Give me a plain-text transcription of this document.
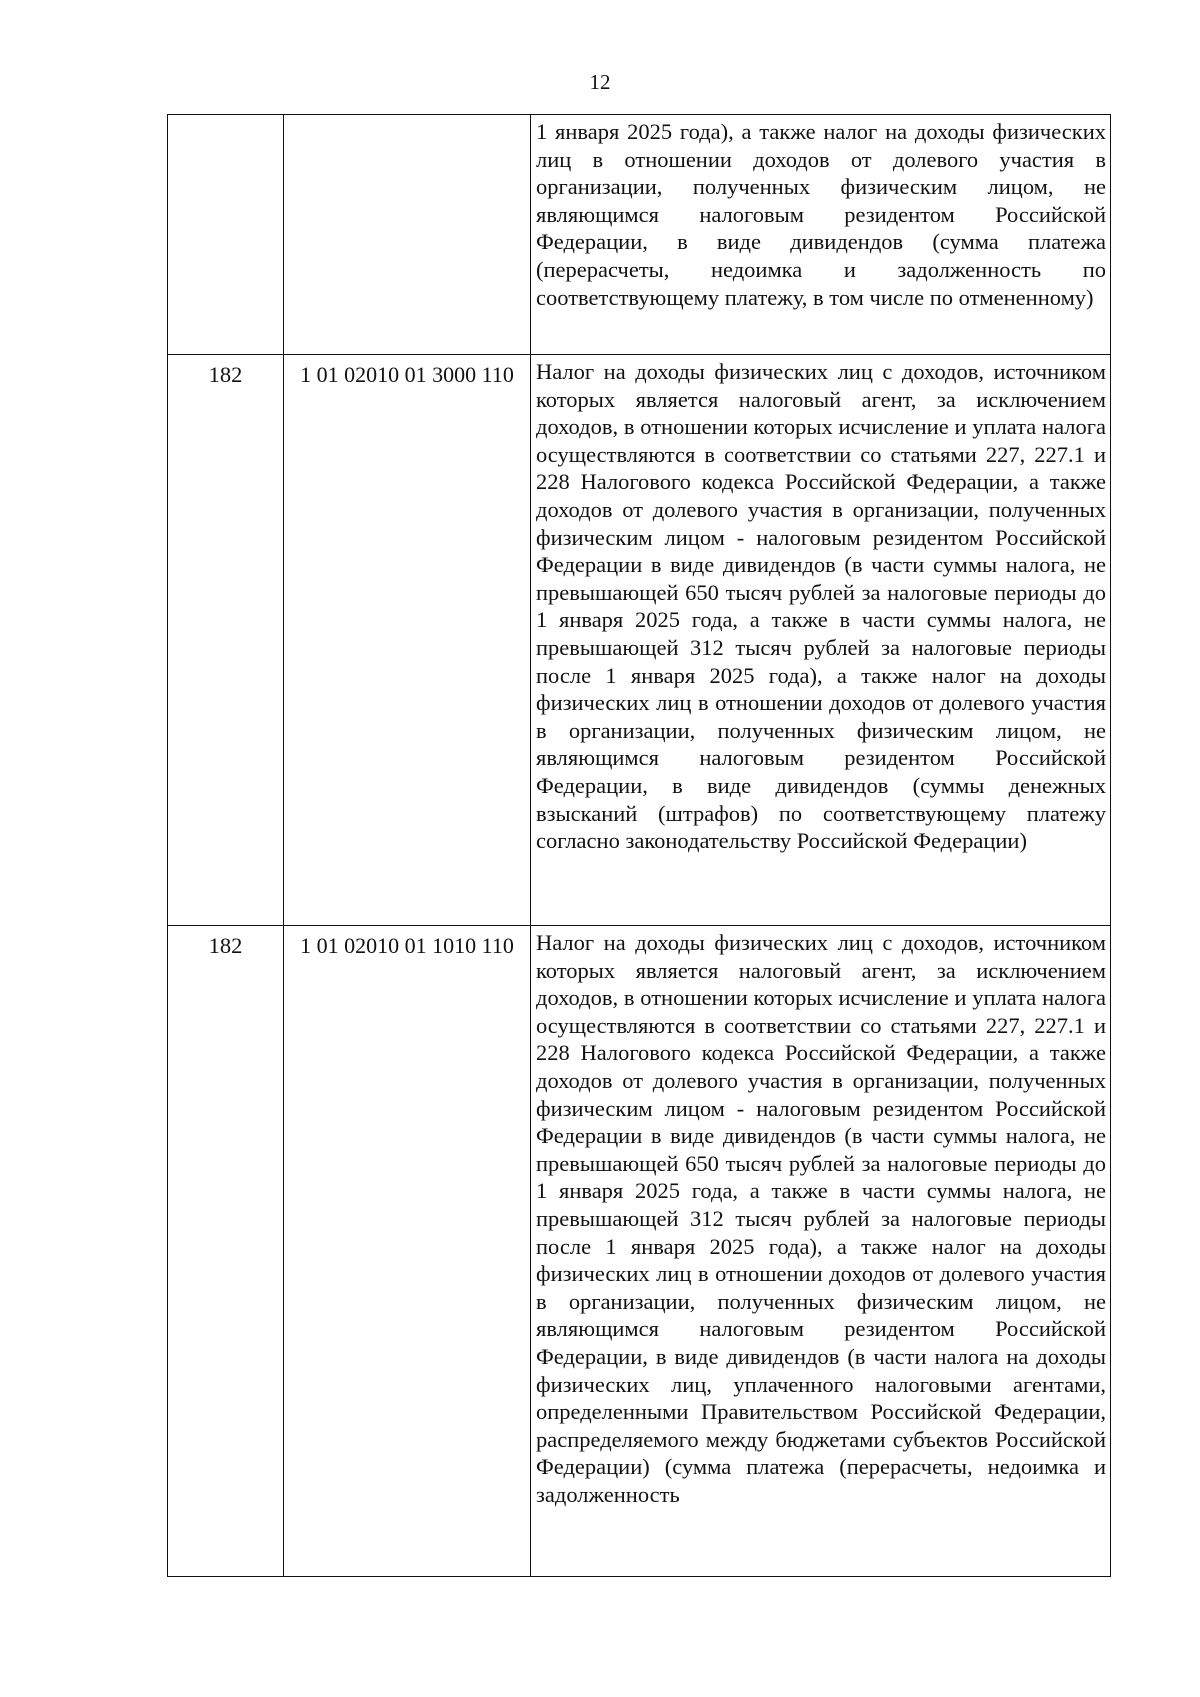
12
		1 января 2025 года), а также налог на доходы физических лиц в отношении доходов от долевого участия в организации, полученных физическим лицом, не являющимся налоговым резидентом Российской Федерации, в виде дивидендов (сумма платежа (перерасчеты, недоимка и задолженность по соответствующему платежу, в том числе по отмененному)
182	1 01 02010 01 3000 110	Налог на доходы физических лиц с доходов, источником которых является налоговый агент, за исключением доходов, в отношении которых исчисление и уплата налога осуществляются в соответствии со статьями 227, 227.1 и 228 Налогового кодекса Российской Федерации, а также доходов от долевого участия в организации, полученных физическим лицом - налоговым резидентом Российской Федерации в виде дивидендов (в части суммы налога, не превышающей 650 тысяч рублей за налоговые периоды до 1 января 2025 года, а также в части суммы налога, не превышающей 312 тысяч рублей за налоговые периоды после 1 января 2025 года), а также налог на доходы физических лиц в отношении доходов от долевого участия в организации, полученных физическим лицом, не являющимся налоговым резидентом Российской Федерации, в виде дивидендов (суммы денежных взысканий (штрафов) по соответствующему платежу согласно законодательству Российской Федерации)
182	1 01 02010 01 1010 110	Налог на доходы физических лиц с доходов, источником которых является налоговый агент, за исключением доходов, в отношении которых исчисление и уплата налога осуществляются в соответствии со статьями 227, 227.1 и 228 Налогового кодекса Российской Федерации, а также доходов от долевого участия в организации, полученных физическим лицом - налоговым резидентом Российской Федерации в виде дивидендов (в части суммы налога, не превышающей 650 тысяч рублей за налоговые периоды до 1 января 2025 года, а также в части суммы налога, не превышающей 312 тысяч рублей за налоговые периоды после 1 января 2025 года), а также налог на доходы физических лиц в отношении доходов от долевого участия в организации, полученных физическим лицом, не являющимся налоговым резидентом Российской Федерации, в виде дивидендов (в части налога на доходы физических лиц, уплаченного налоговыми агентами, определенными Правительством Российской Федерации, распределяемого между бюджетами субъектов Российской Федерации) (сумма платежа (перерасчеты, недоимка и задолженность
